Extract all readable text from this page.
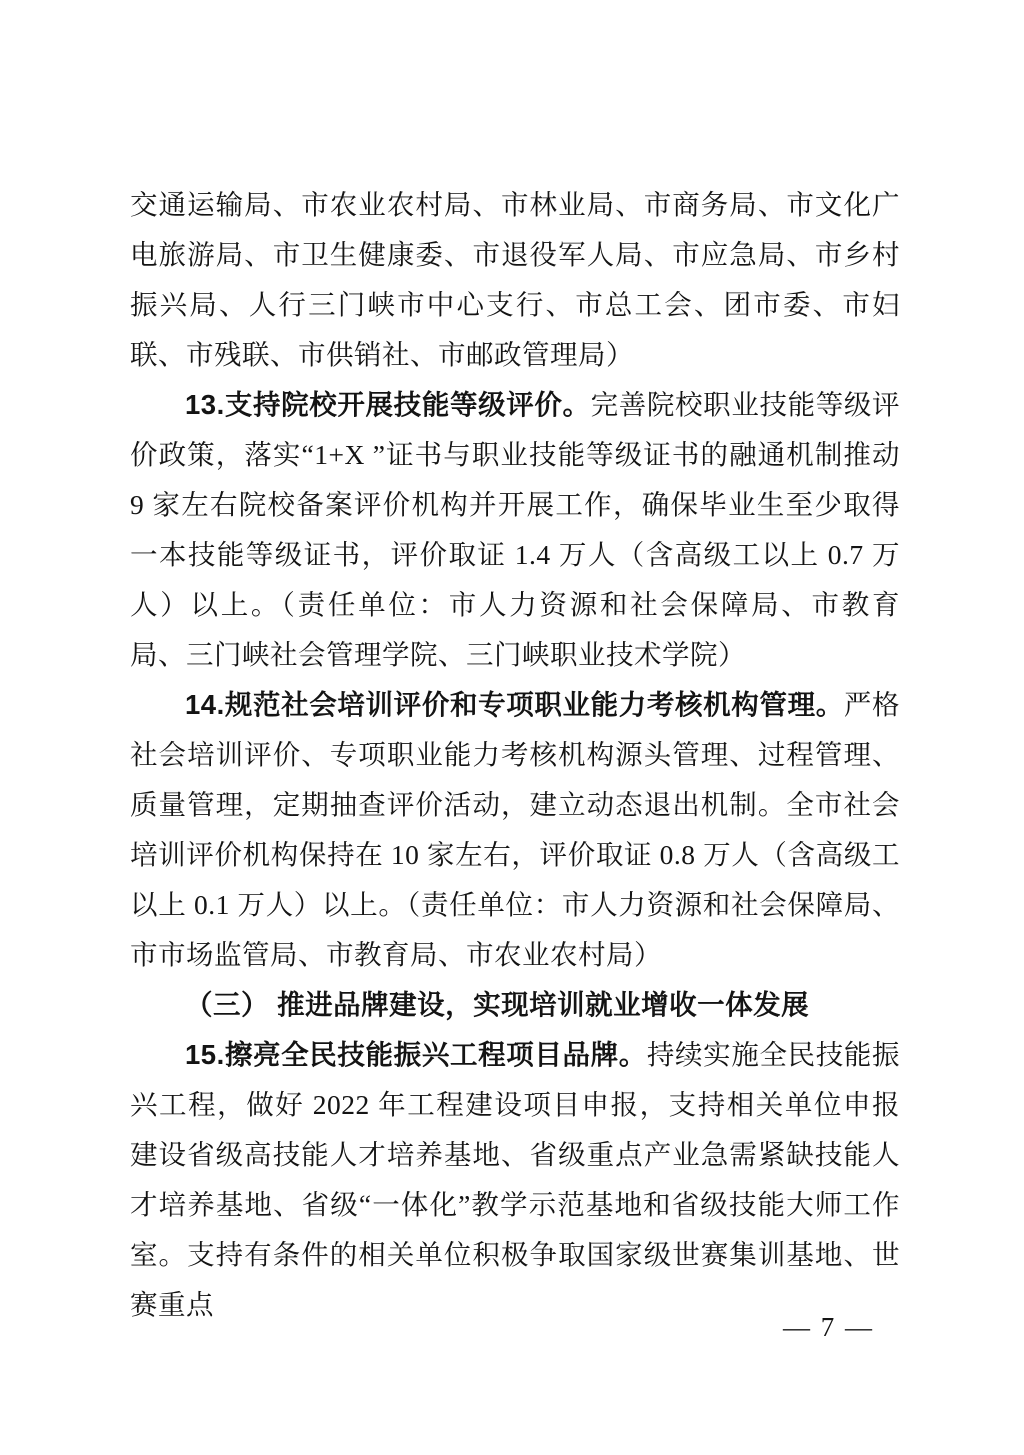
交通运输局、市农业农村局、市林业局、市商务局、市文化广电旅游局、市卫生健康委、市退役军人局、市应急局、市乡村振兴局、人行三门峡市中心支行、市总工会、团市委、市妇联、市残联、市供销社、市邮政管理局）

13.支持院校开展技能等级评价。完善院校职业技能等级评价政策，落实“1+X ”证书与职业技能等级证书的融通机制推动 9 家左右院校备案评价机构并开展工作，确保毕业生至少取得一本技能等级证书，评价取证 1.4 万人（含高级工以上 0.7 万人）以上。（责任单位：市人力资源和社会保障局、市教育局、三门峡社会管理学院、三门峡职业技术学院）

14.规范社会培训评价和专项职业能力考核机构管理。严格社会培训评价、专项职业能力考核机构源头管理、过程管理、质量管理，定期抽查评价活动，建立动态退出机制。全市社会培训评价机构保持在 10 家左右，评价取证 0.8 万人（含高级工以上 0.1 万人）以上。（责任单位：市人力资源和社会保障局、市市场监管局、市教育局、市农业农村局）

（三） 推进品牌建设，实现培训就业增收一体发展

15.擦亮全民技能振兴工程项目品牌。持续实施全民技能振兴工程，做好 2022 年工程建设项目申报，支持相关单位申报建设省级高技能人才培养基地、省级重点产业急需紧缺技能人才培养基地、省级“一体化”教学示范基地和省级技能大师工作室。支持有条件的相关单位积极争取国家级世赛集训基地、世赛重点

— 7 —
